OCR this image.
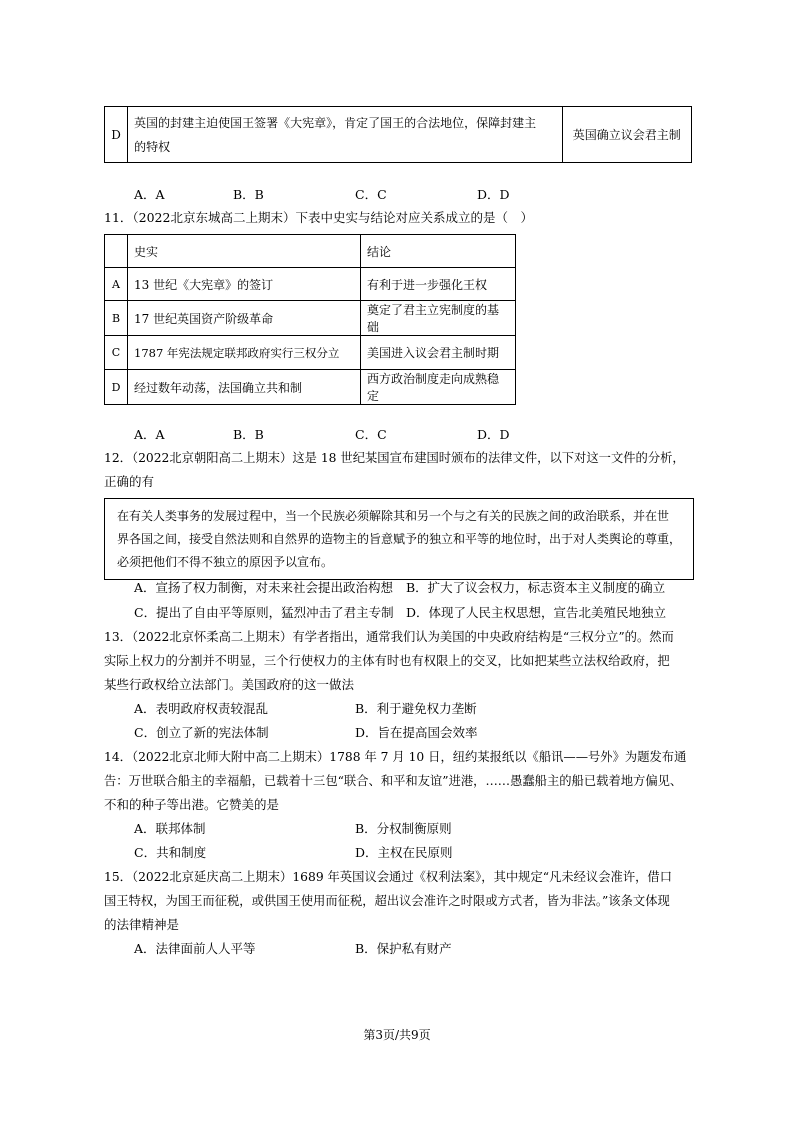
D	
英国的封建主迫使国王签署《大宪章》，肯定了国王的合法地位，保障封建主
的特权
	英国确立议会君主制
A．A	B．B	C．C	D．D
11．（2022北京东城高二上期末）下表中史实与结论对应关系成立的是（　）
	史实	结论
A	13 世纪《大宪章》的签订	有利于进一步强化王权
B	17 世纪英国资产阶级革命	奠定了君主立宪制度的基础
C	1787 年宪法规定联邦政府实行三权分立	美国进入议会君主制时期
D	经过数年动荡，法国确立共和制	西方政治制度走向成熟稳定
A．A	B．B	C．C	D．D
12．（2022北京朝阳高二上期末）这是 18 世纪某国宣布建国时颁布的法律文件，以下对这一文件的分析，
正确的有
在有关人类事务的发展过程中，当一个民族必须解除其和另一个与之有关的民族之间的政治联系，并在世
界各国之间，接受自然法则和自然界的造物主的旨意赋予的独立和平等的地位时，出于对人类舆论的尊重，
必须把他们不得不独立的原因予以宣布。
A．宣扬了权力制衡，对未来社会提出政治构想 B．扩大了议会权力，标志资本主义制度的确立
C．提出了自由平等原则，猛烈冲击了君主专制 D．体现了人民主权思想，宣告北美殖民地独立
13．（2022北京怀柔高二上期末）有学者指出，通常我们认为美国的中央政府结构是“三权分立”的。然而
实际上权力的分割并不明显，三个行使权力的主体有时也有权限上的交叉，比如把某些立法权给政府，把
某些行政权给立法部门。美国政府的这一做法
A．表明政府权责较混乱	B．利于避免权力垄断
C．创立了新的宪法体制	D．旨在提高国会效率
14．（2022北京北师大附中高二上期末）1788 年 7 月 10 日，纽约某报纸以《船讯——号外》为题发布通
告：万世联合船主的幸福船，已载着十三包“联合、和平和友谊”进港，……愚蠢船主的船已载着地方偏见、
不和的种子等出港。它赞美的是
A．联邦体制	B．分权制衡原则
C．共和制度	D．主权在民原则
15．（2022北京延庆高二上期末）1689 年英国议会通过《权利法案》，其中规定“凡未经议会准许，借口
国王特权，为国王而征税，或供国王使用而征税，超出议会准许之时限或方式者，皆为非法。”该条文体现
的法律精神是
A．法律面前人人平等	B．保护私有财产
第3页/共9页
